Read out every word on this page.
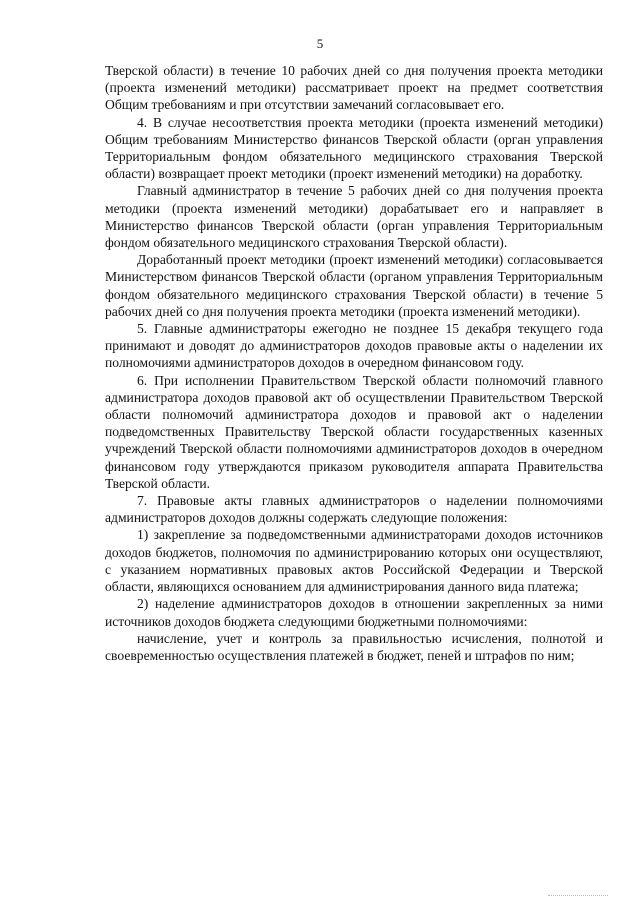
5

Тверской области) в течение 10 рабочих дней со дня получения проекта методики (проекта изменений методики) рассматривает проект на предмет соответствия Общим требованиям и при отсутствии замечаний согласовывает его.

4. В случае несоответствия проекта методики (проекта изменений методики) Общим требованиям Министерство финансов Тверской области (орган управления Территориальным фондом обязательного медицинского страхования Тверской области) возвращает проект методики (проект изменений методики) на доработку.

Главный администратор в течение 5 рабочих дней со дня получения проекта методики (проекта изменений методики) дорабатывает его и направляет в Министерство финансов Тверской области (орган управления Территориальным фондом обязательного медицинского страхования Тверской области).

Доработанный проект методики (проект изменений методики) согласовывается Министерством финансов Тверской области (органом управления Территориальным фондом обязательного медицинского страхования Тверской области) в течение 5 рабочих дней со дня получения проекта методики (проекта изменений методики).

5. Главные администраторы ежегодно не позднее 15 декабря текущего года принимают и доводят до администраторов доходов правовые акты о наделении их полномочиями администраторов доходов в очередном финансовом году.

6. При исполнении Правительством Тверской области полномочий главного администратора доходов правовой акт об осуществлении Правительством Тверской области полномочий администратора доходов и правовой акт о наделении подведомственных Правительству Тверской области государственных казенных учреждений Тверской области полномочиями администраторов доходов в очередном финансовом году утверждаются приказом руководителя аппарата Правительства Тверской области.

7. Правовые акты главных администраторов о наделении полномочиями администраторов доходов должны содержать следующие положения:

1) закрепление за подведомственными администраторами доходов источников доходов бюджетов, полномочия по администрированию которых они осуществляют, с указанием нормативных правовых актов Российской Федерации и Тверской области, являющихся основанием для администрирования данного вида платежа;

2) наделение администраторов доходов в отношении закрепленных за ними источников доходов бюджета следующими бюджетными полномочиями:

начисление, учет и контроль за правильностью исчисления, полнотой и своевременностью осуществления платежей в бюджет, пеней и штрафов по ним;
